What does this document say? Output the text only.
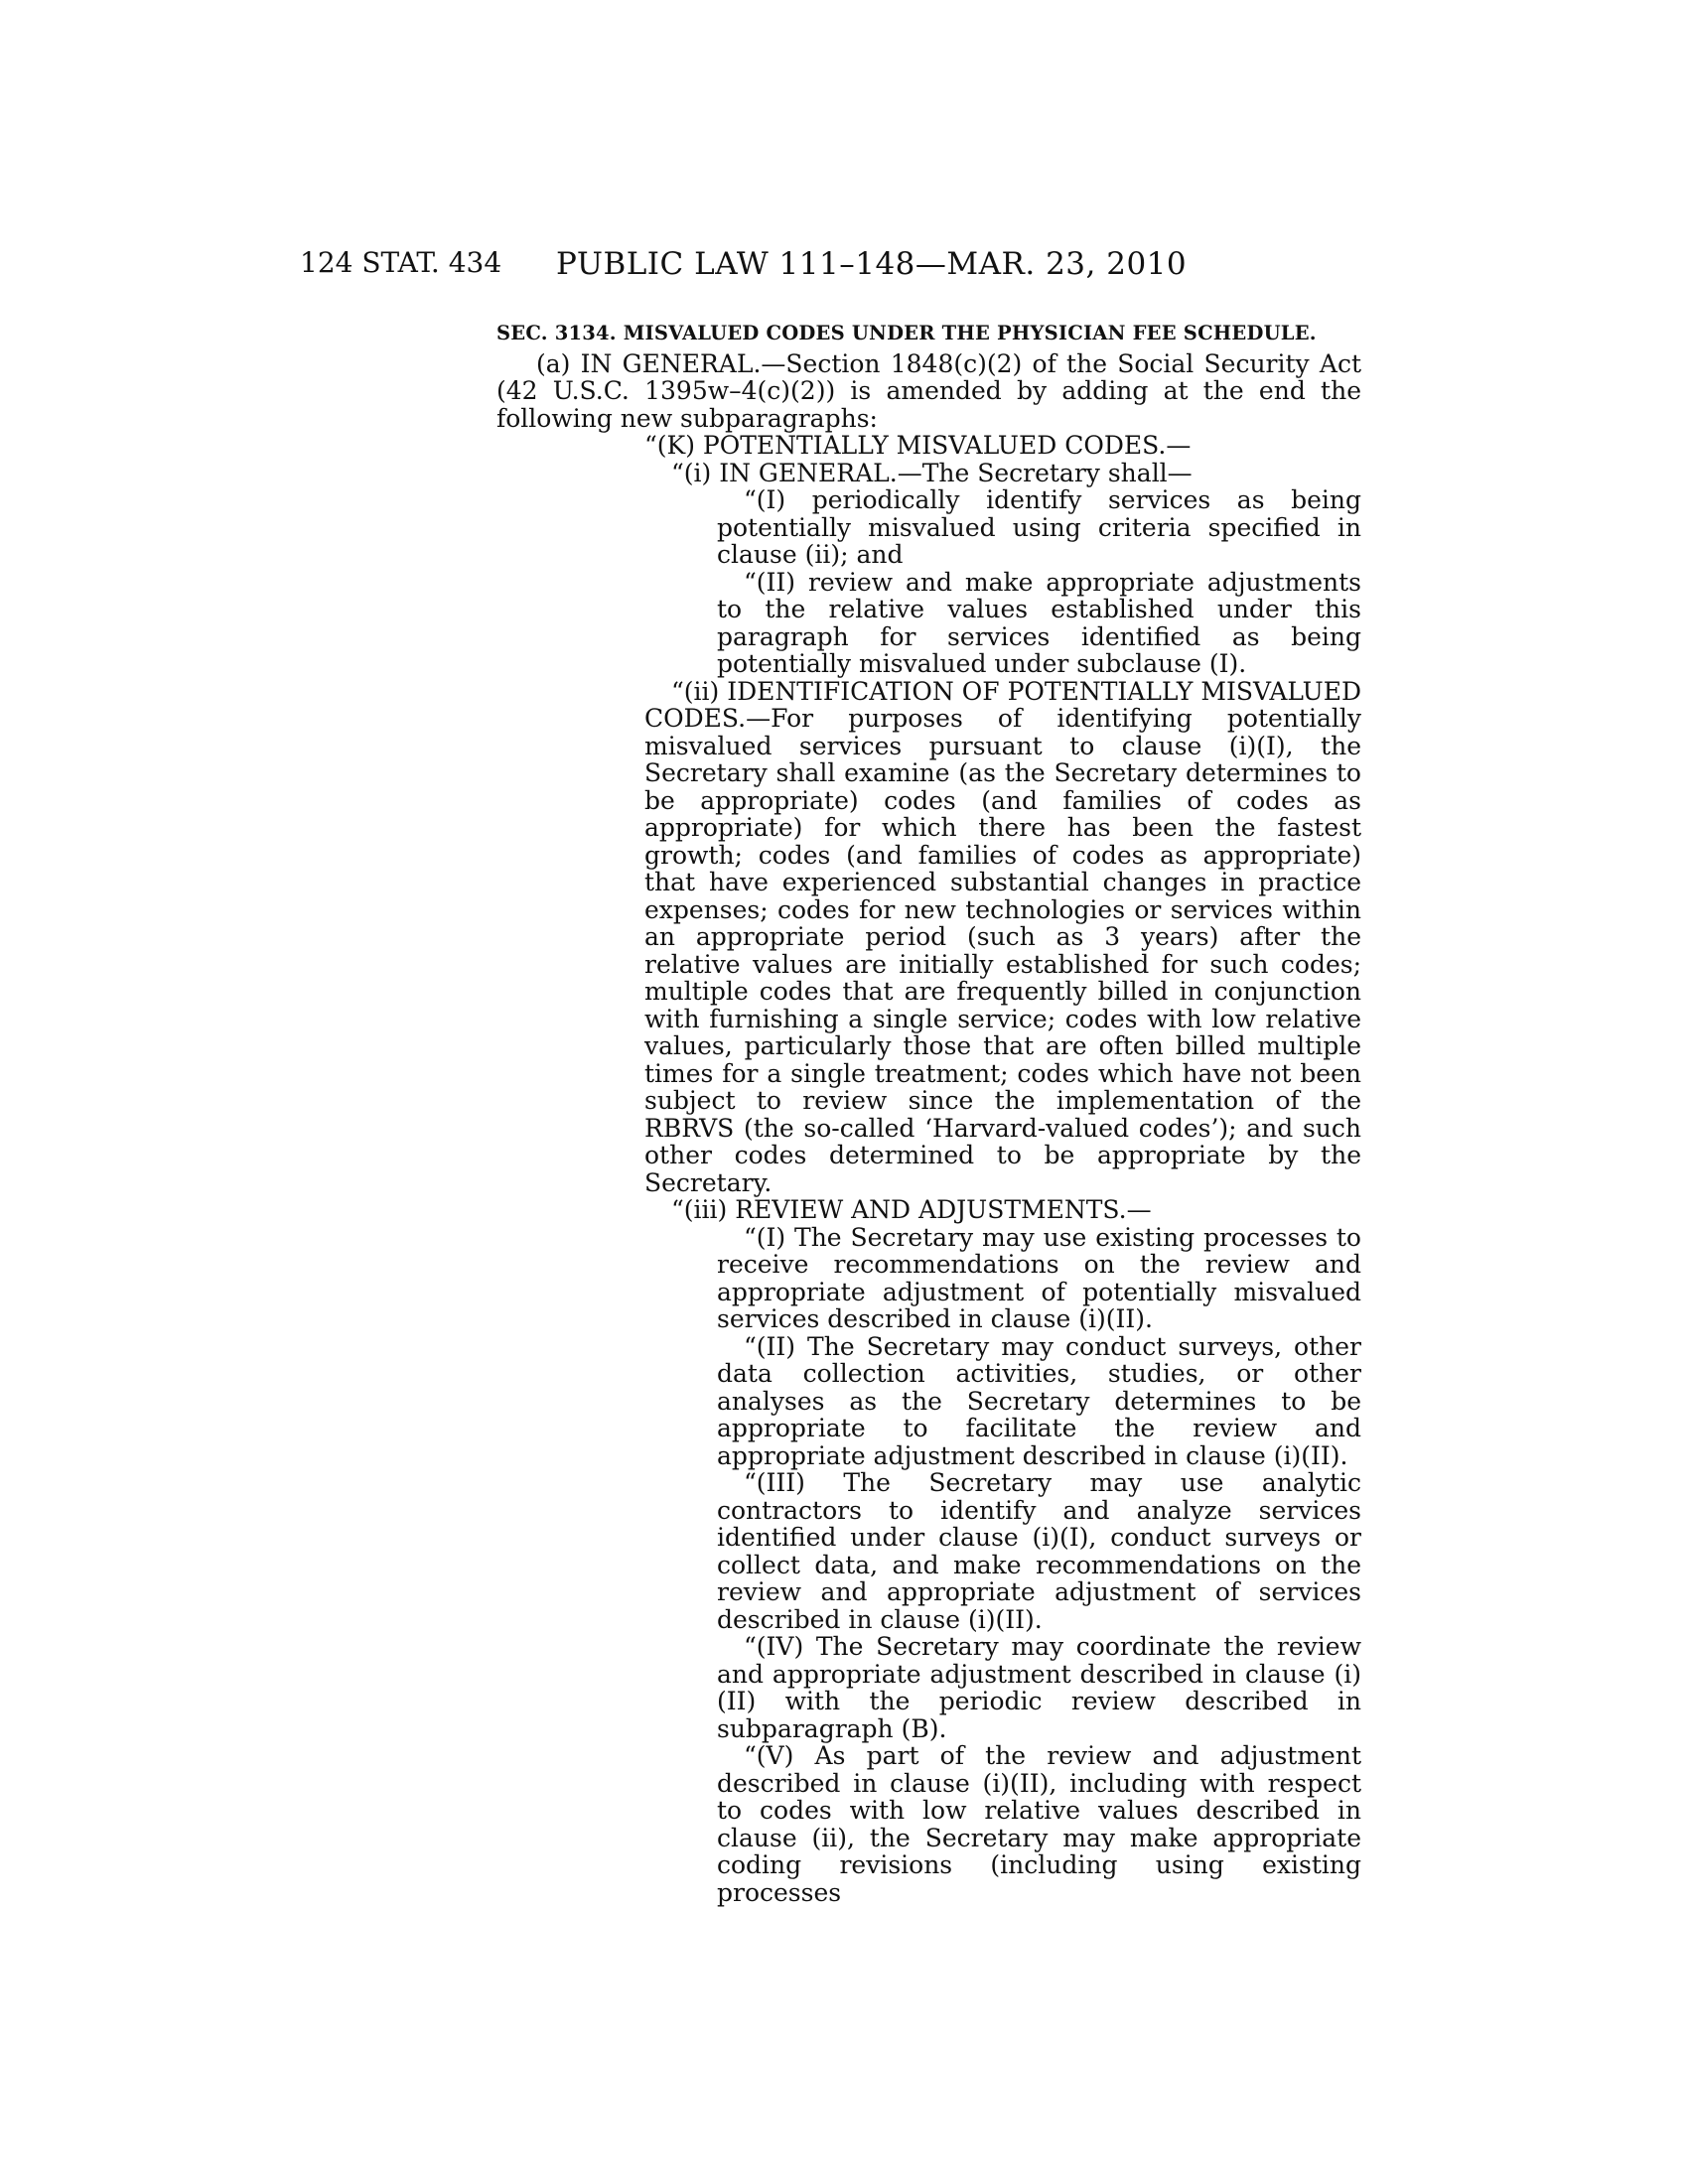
124 STAT. 434 PUBLIC LAW 111–148—MAR. 23, 2010

SEC. 3134. MISVALUED CODES UNDER THE PHYSICIAN FEE SCHEDULE.

(a) IN GENERAL.—Section 1848(c)(2) of the Social Security Act (42 U.S.C. 1395w–4(c)(2)) is amended by adding at the end the following new subparagraphs:

“(K) POTENTIALLY MISVALUED CODES.—

“(i) IN GENERAL.—The Secretary shall—

“(I) periodically identify services as being potentially misvalued using criteria specified in clause (ii); and

“(II) review and make appropriate adjustments to the relative values established under this paragraph for services identified as being potentially misvalued under subclause (I).

“(ii) IDENTIFICATION OF POTENTIALLY MISVALUED CODES.—For purposes of identifying potentially misvalued services pursuant to clause (i)(I), the Secretary shall examine (as the Secretary determines to be appropriate) codes (and families of codes as appropriate) for which there has been the fastest growth; codes (and families of codes as appropriate) that have experienced substantial changes in practice expenses; codes for new technologies or services within an appropriate period (such as 3 years) after the relative values are initially established for such codes; multiple codes that are frequently billed in conjunction with furnishing a single service; codes with low relative values, particularly those that are often billed multiple times for a single treatment; codes which have not been subject to review since the implementation of the RBRVS (the so-called ‘Harvard-valued codes’); and such other codes determined to be appropriate by the Secretary.

“(iii) REVIEW AND ADJUSTMENTS.—

“(I) The Secretary may use existing processes to receive recommendations on the review and appropriate adjustment of potentially misvalued services described in clause (i)(II).

“(II) The Secretary may conduct surveys, other data collection activities, studies, or other analyses as the Secretary determines to be appropriate to facilitate the review and appropriate adjustment described in clause (i)(II).

“(III) The Secretary may use analytic contractors to identify and analyze services identified under clause (i)(I), conduct surveys or collect data, and make recommendations on the review and appropriate adjustment of services described in clause (i)(II).

“(IV) The Secretary may coordinate the review and appropriate adjustment described in clause (i)(II) with the periodic review described in subparagraph (B).

“(V) As part of the review and adjustment described in clause (i)(II), including with respect to codes with low relative values described in clause (ii), the Secretary may make appropriate coding revisions (including using existing processes
